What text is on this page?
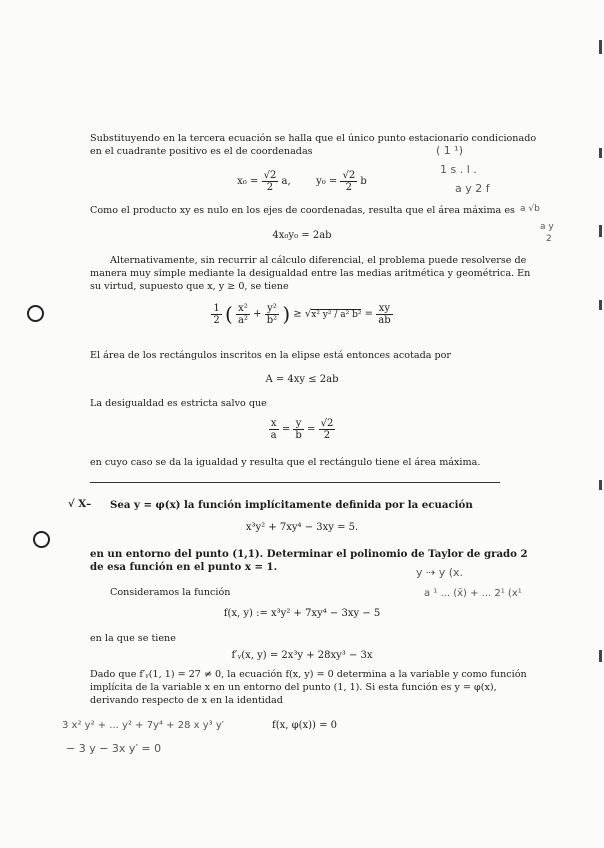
Substituyendo en la tercera ecuación se halla que el único punto estacionario condicionado
en el cuadrante positivo es el de coordenadas
$x_0 = \frac{√2}{2} a$,	$y_0 = \frac{√2}{2}$ b
Como el producto xy es nulo en los ejes de coordenadas, resulta que el área máxima es
4x₀y₀ = 2ab
Alternativamente, sin recurrir al cálculo diferencial, el problema puede resolverse de
manera muy simple mediante la desigualdad entre las medias aritmética y geométrica. En
su virtud, supuesto que x, y ≥ 0, se tiene
$\frac{1}{2}$ ( $\frac{\text{x²}}{\text{a²}} + \frac{\text{y²}}{\text{b²}}$ ) ≥ √x² y² / a² $b^2 = \frac{xy}{ab}$
El área de los rectángulos inscritos en la elipse está entonces acotada por
A = 4xy ≤ 2ab
La desigualdad es estricta salvo que
$\frac{x}{a} = \frac{y}{b} = \frac{√2}{2}$
en cuyo caso se da la igualdad y resulta que el rectángulo tiene el área máxima.
√ X– Sea y = φ(x) la función implícitamente definida por la ecuación
x³y² + 7xy⁴ − 3xy = 5.
en un entorno del punto (1,1). Determinar el polinomio de Taylor de grado 2
de esa función en el punto x = 1.
Consideramos la función
f(x, y) := x³y² + 7xy⁴ − 3xy − 5
en la que se tiene
f′ᵧ(x, y) = 2x³y + 28xy³ − 3x
Dado que f′ᵧ(1, 1) = 27 ≠ 0, la ecuación f(x, y) = 0 determina a la variable y como función
implícita de la variable x en un entorno del punto (1, 1). Si esta función es y = φ(x),
derivando respecto de x en la identidad
f(x, φ(x)) = 0
( 1 ¹)
1 s . l .
a y 2 f
a √b
a y
2
y ⇢ y (x.
a ¹ ... (x̄) + ... 2¹ (x¹
3 x² y² + ... y² + 7y⁴ + 28 x y³ y′
− 3 y − 3x y′ = 0
